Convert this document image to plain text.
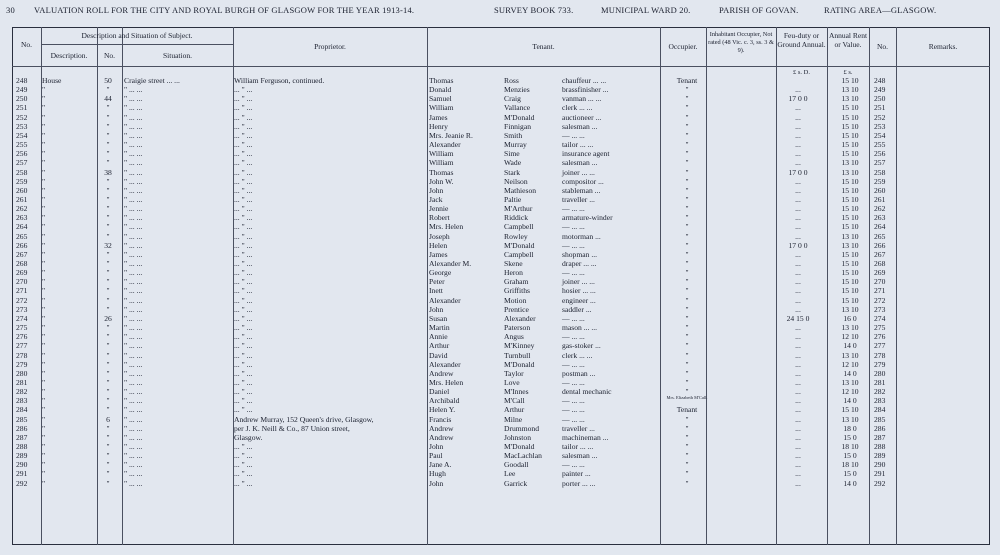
30 VALUATION ROLL FOR THE CITY AND ROYAL BURGH OF GLASGOW FOR THE YEAR 1913-14.	SURVEY BOOK 733.	MUNICIPAL WARD 20.	PARISH OF GOVAN.	RATING AREA—GLASGOW.
No.
Description and Situation of Subject.
Description.	No.	Situation.
Proprietor.	Tenant.	Occupier.
Inhabitant Occupier, Not rated (48 Vic. c. 3, ss. 3 & 9).
Feu-duty or Ground Annual.
Annual Rent or Value.	No.	Remarks.
£ s. D.	£ s.
248	House	50	Craigie street ... ...	William Ferguson, continued.	Thomas	Ross	chauffeur ... ...	Tenant	15 10	248
249	"	"	" ... ...	... " ...	Donald	Menzies	brassfinisher ...	"	...	13 10	249
250	"	44	" ... ...	... " ...	Samuel	Craig	vanman ... ...	"	17 0 0	13 10	250
251	"	"	" ... ...	... " ...	William	Vallance	clerk ... ...	"	...	15 10	251
252	"	"	" ... ...	... " ...	James	M'Donald	auctioneer ...	"	...	15 10	252
253	"	"	" ... ...	... " ...	Henry	Finnigan	salesman ...	"	...	15 10	253
254	"	"	" ... ...	... " ...	Mrs. Jeanie R.	Smith	— ... ...	"	...	15 10	254
255	"	"	" ... ...	... " ...	Alexander	Murray	tailor ... ...	"	...	15 10	255
256	"	"	" ... ...	... " ...	William	Sime	insurance agent	"	...	15 10	256
257	"	"	" ... ...	... " ...	William	Wade	salesman ...	"	...	13 10	257
258	"	38	" ... ...	... " ...	Thomas	Stark	joiner ... ...	"	17 0 0	13 10	258
259	"	"	" ... ...	... " ...	John W.	Neilson	compositor ...	"	...	15 10	259
260	"	"	" ... ...	... " ...	John	Mathieson	stableman ...	"	...	15 10	260
261	"	"	" ... ...	... " ...	Jack	Paltie	traveller ...	"	...	15 10	261
262	"	"	" ... ...	... " ...	Jennie	M'Arthur	— ... ...	"	...	15 10	262
263	"	"	" ... ...	... " ...	Robert	Riddick	armature-winder	"	...	15 10	263
264	"	"	" ... ...	... " ...	Mrs. Helen	Campbell	— ... ...	"	...	15 10	264
265	"	"	" ... ...	... " ...	Joseph	Rowley	motorman ...	"	...	13 10	265
266	"	32	" ... ...	... " ...	Helen	M'Donald	— ... ...	"	17 0 0	13 10	266
267	"	"	" ... ...	... " ...	James	Campbell	shopman ...	"	...	15 10	267
268	"	"	" ... ...	... " ...	Alexander M.	Skene	draper ... ...	"	...	15 10	268
269	"	"	" ... ...	... " ...	George	Heron	— ... ...	"	...	15 10	269
270	"	"	" ... ...	... " ...	Peter	Graham	joiner ... ...	"	...	15 10	270
271	"	"	" ... ...	... " ...	Inett	Griffiths	hosier ... ...	"	...	15 10	271
272	"	"	" ... ...	... " ...	Alexander	Motion	engineer ...	"	...	15 10	272
273	"	"	" ... ...	... " ...	John	Prentice	saddler ...	"	...	13 10	273
274	"	26	" ... ...	... " ...	Susan	Alexander	— ... ...	"	24 15 0	16 0	274
275	"	"	" ... ...	... " ...	Martin	Paterson	mason ... ...	"	...	13 10	275
276	"	"	" ... ...	... " ...	Annie	Angus	— ... ...	"	...	12 10	276
277	"	"	" ... ...	... " ...	Arthur	M'Kinney	gas-stoker ...	"	...	14 0	277
278	"	"	" ... ...	... " ...	David	Turnbull	clerk ... ...	"	...	13 10	278
279	"	"	" ... ...	... " ...	Alexander	M'Donald	— ... ...	"	...	12 10	279
280	"	"	" ... ...	... " ...	Andrew	Taylor	postman ...	"	...	14 0	280
281	"	"	" ... ...	... " ...	Mrs. Helen	Love	— ... ...	"	...	13 10	281
282	"	"	" ... ...	... " ...	Daniel	M'Innes	dental mechanic	"	...	12 10	282
283	"	"	" ... ...	... " ...	Archibald	M'Call	— ... ...	Mrs. Elizabeth M'Call.	...	14 0	283
284	"	"	" ... ...	... " ...	Helen Y.	Arthur	— ... ...	Tenant	...	15 10	284
285	"	6	" ... ...	Andrew Murray, 152 Queen's drive, Glasgow,	Francis	Milne	— ... ...	"	...	13 10	285
286	"	"	" ... ...	per J. K. Neill & Co., 87 Union street,	Andrew	Drummond	traveller ...	"	...	18 0	286
287	"	"	" ... ...	Glasgow.	Andrew	Johnston	machineman ...	"	...	15 0	287
288	"	"	" ... ...	... " ...	John	M'Donald	tailor ... ...	"	...	18 10	288
289	"	"	" ... ...	... " ...	Paul	MacLachlan	salesman ...	"	...	15 0	289
290	"	"	" ... ...	... " ...	Jane A.	Goodall	— ... ...	"	...	18 10	290
291	"	"	" ... ...	... " ...	Hugh	Lee	painter ...	"	...	15 0	291
292	"	"	" ... ...	... " ...	John	Garrick	porter ... ...	"	...	14 0	292
